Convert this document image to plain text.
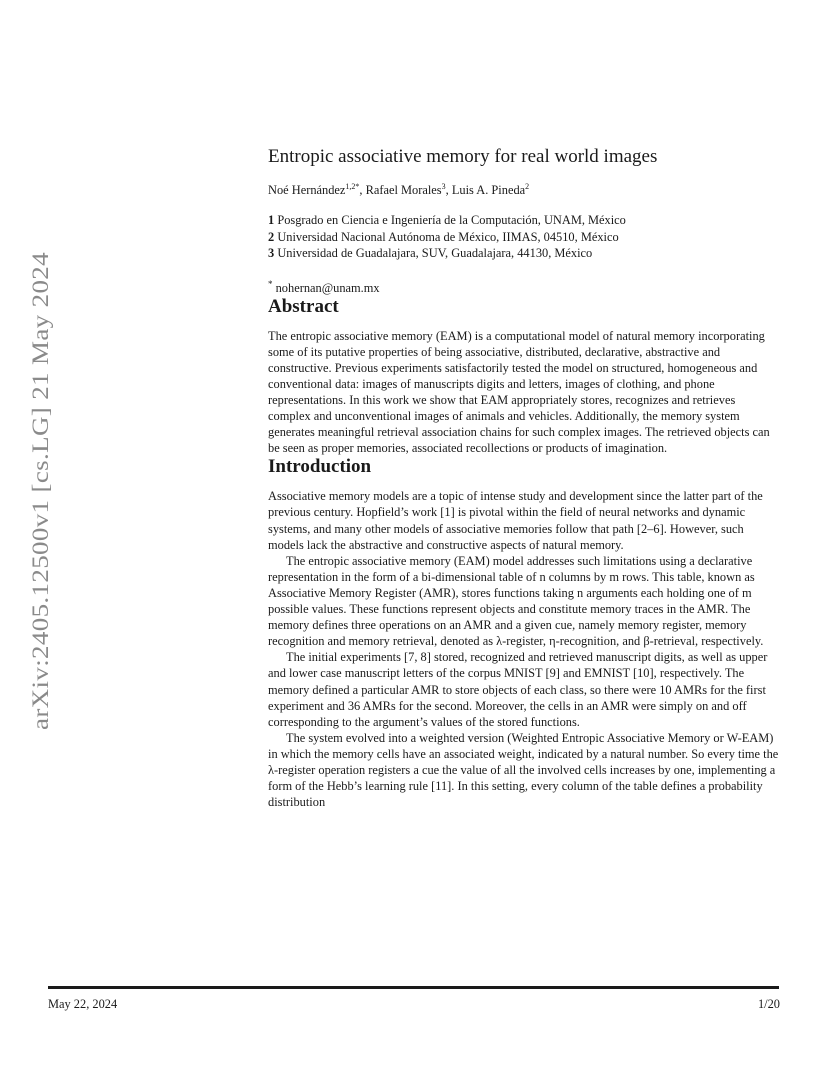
arXiv:2405.12500v1 [cs.LG] 21 May 2024
Entropic associative memory for real world images
Noé Hernández$^{1,2*}$, Rafael Morales$^3$, Luis A. Pineda$^2$
1 Posgrado en Ciencia e Ingeniería de la Computación, UNAM, México
2 Universidad Nacional Autónoma de México, IIMAS, 04510, México
3 Universidad de Guadalajara, SUV, Guadalajara, 44130, México
* nohernan@unam.mx
Abstract

The entropic associative memory (EAM) is a computational model of natural memory incorporating some of its putative properties of being associative, distributed, declarative, abstractive and constructive. Previous experiments satisfactorily tested the model on structured, homogeneous and conventional data: images of manuscripts digits and letters, images of clothing, and phone representations. In this work we show that EAM appropriately stores, recognizes and retrieves complex and unconventional images of animals and vehicles. Additionally, the memory system generates meaningful retrieval association chains for such complex images. The retrieved objects can be seen as proper memories, associated recollections or products of imagination.

Introduction

Associative memory models are a topic of intense study and development since the latter part of the previous century. Hopfield’s work [1] is pivotal within the field of neural networks and dynamic systems, and many other models of associative memories follow that path [2–6]. However, such models lack the abstractive and constructive aspects of natural memory.

The entropic associative memory (EAM) model addresses such limitations using a declarative representation in the form of a bi-dimensional table of n columns by m rows. This table, known as Associative Memory Register (AMR), stores functions taking n arguments each holding one of m possible values. These functions represent objects and constitute memory traces in the AMR. The memory defines three operations on an AMR and a given cue, namely memory register, memory recognition and memory retrieval, denoted as λ-register, η-recognition, and β-retrieval, respectively.

The initial experiments [7, 8] stored, recognized and retrieved manuscript digits, as well as upper and lower case manuscript letters of the corpus MNIST [9] and EMNIST [10], respectively. The memory defined a particular AMR to store objects of each class, so there were 10 AMRs for the first experiment and 36 AMRs for the second. Moreover, the cells in an AMR were simply on and off corresponding to the argument’s values of the stored functions.

The system evolved into a weighted version (Weighted Entropic Associative Memory or W-EAM) in which the memory cells have an associated weight, indicated by a natural number. So every time the λ-register operation registers a cue the value of all the involved cells increases by one, implementing a form of the Hebb’s learning rule [11]. In this setting, every column of the table defines a probability distribution

May 22, 2024	1/20
